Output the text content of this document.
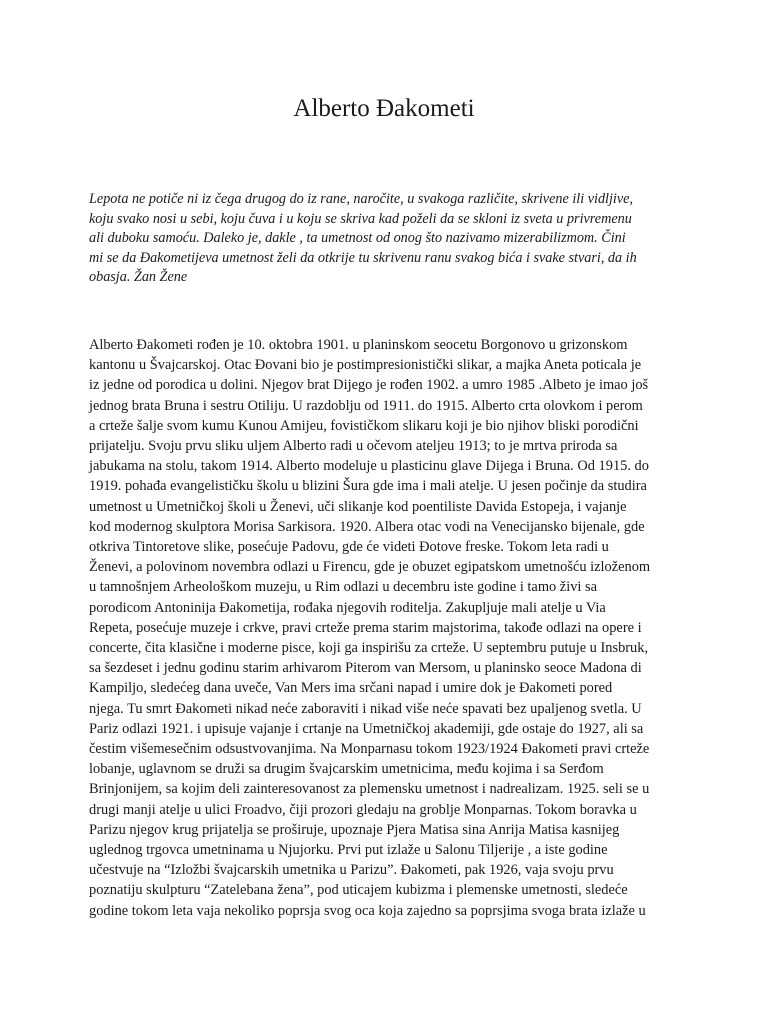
Alberto Đakometi
Lepota ne potiče ni iz čega drugog do iz rane, naročite, u svakoga različite, skrivene ili vidljive,
koju svako nosi u sebi, koju čuva i u koju se skriva kad poželi da se skloni iz sveta u privremenu
ali duboku samoću. Daleko je, dakle , ta umetnost od onog što nazivamo mizerabilizmom. Čini
mi se da Đakometijeva umetnost želi da otkrije tu skrivenu ranu svakog bića i svake stvari, da ih
obasja. Žan Žene
Alberto Đakometi rođen je 10. oktobra 1901. u planinskom seocetu Borgonovo u grizonskom
kantonu u Švajcarskoj. Otac Đovani bio je postimpresionistički slikar, a majka Aneta poticala je
iz jedne od porodica u dolini. Njegov brat Dijego je rođen 1902. a umro 1985 .Albeto je imao još
jednog brata Bruna i sestru Otiliju. U razdoblju od 1911. do 1915. Alberto crta olovkom i perom
a crteže šalje svom kumu Kunou Amijeu, fovističkom slikaru koji je bio njihov bliski porodični
prijatelju. Svoju prvu sliku uljem Alberto radi u očevom atelјeu 1913; to je mrtva priroda sa
jabukama na stolu, takom 1914. Alberto modeluje u plasticinu glave Dijega i Bruna. Od 1915. do
1919. pohađa evangelističku školu u blizini Šura gde ima i mali atelje. U jesen počinje da studira
umetnost u Umetničkoj školi u Ženevi, uči slikanje kod poentiliste Davida Estopeja, i vajanje
kod modernog skulptora Morisa Sarkisora. 1920. Albera otac vodi na Venecijansko bijenale, gde
otkriva Tintoretove slike, posećuje Padovu, gde će videti Đotove freske. Tokom leta radi u
Ženevi, a polovinom novembra odlazi u Firencu, gde je obuzet egipatskom umetnošću izloženom
u tamnošnjem Arheološkom muzeju, u Rim odlazi u decembru iste godine i tamo živi sa
porodicom Antoninija Đakometija, rođaka njegovih roditelja. Zakupljuje mali atelje u Via
Repeta, posećuje muzeje i crkve, pravi crteže prema starim majstorima, takođe odlazi na opere i
concerte, čita klasične i moderne pisce, koji ga inspirišu za crteže. U septembru putuje u Insbruk,
sa šezdeset i jednu godinu starim arhivarom Piterom van Mersom, u planinsko seoce Madona di
Kampiljo, sledećeg dana uveče, Van Mers ima srčani napad i umire dok je Đakometi pored
njega. Tu smrt Đakometi nikad neće zaboraviti i nikad više neće spavati bez upaljenog svetla. U
Pariz odlazi 1921. i upisuje vajanje i crtanje na Umetničkoj akademiji, gde ostaje do 1927, ali sa
čestim višemesečnim odsustvovanjima. Na Monparnasu tokom 1923/1924 Đakometi pravi crteže
lobanje, uglavnom se druži sa drugim švajcarskim umetnicima, među kojima i sa Serđom
Brinjonijem, sa kojim deli zainteresovanost za plemensku umetnost i nadrealizam. 1925. seli se u
drugi manji atelje u ulici Froadvo, čiji prozori gledaju na groblje Monparnas. Tokom boravka u
Parizu njegov krug prijatelja se proširuje, upoznaje Pjera Matisa sina Anrija Matisa kasnijeg
uglednog trgovca umetninama u Njujorku. Prvi put izlaže u Salonu Tiljerije , a iste godine
učestvuje na “Izložbi švajcarskih umetnika u Parizu”. Đakometi, pak 1926, vaja svoju prvu
poznatiju skulpturu “Zatelebana žena”, pod uticajem kubizma i plemenske umetnosti, sledeće
godine tokom leta vaja nekoliko poprsja svog oca koja zajedno sa poprsjima svoga brata izlaže u
